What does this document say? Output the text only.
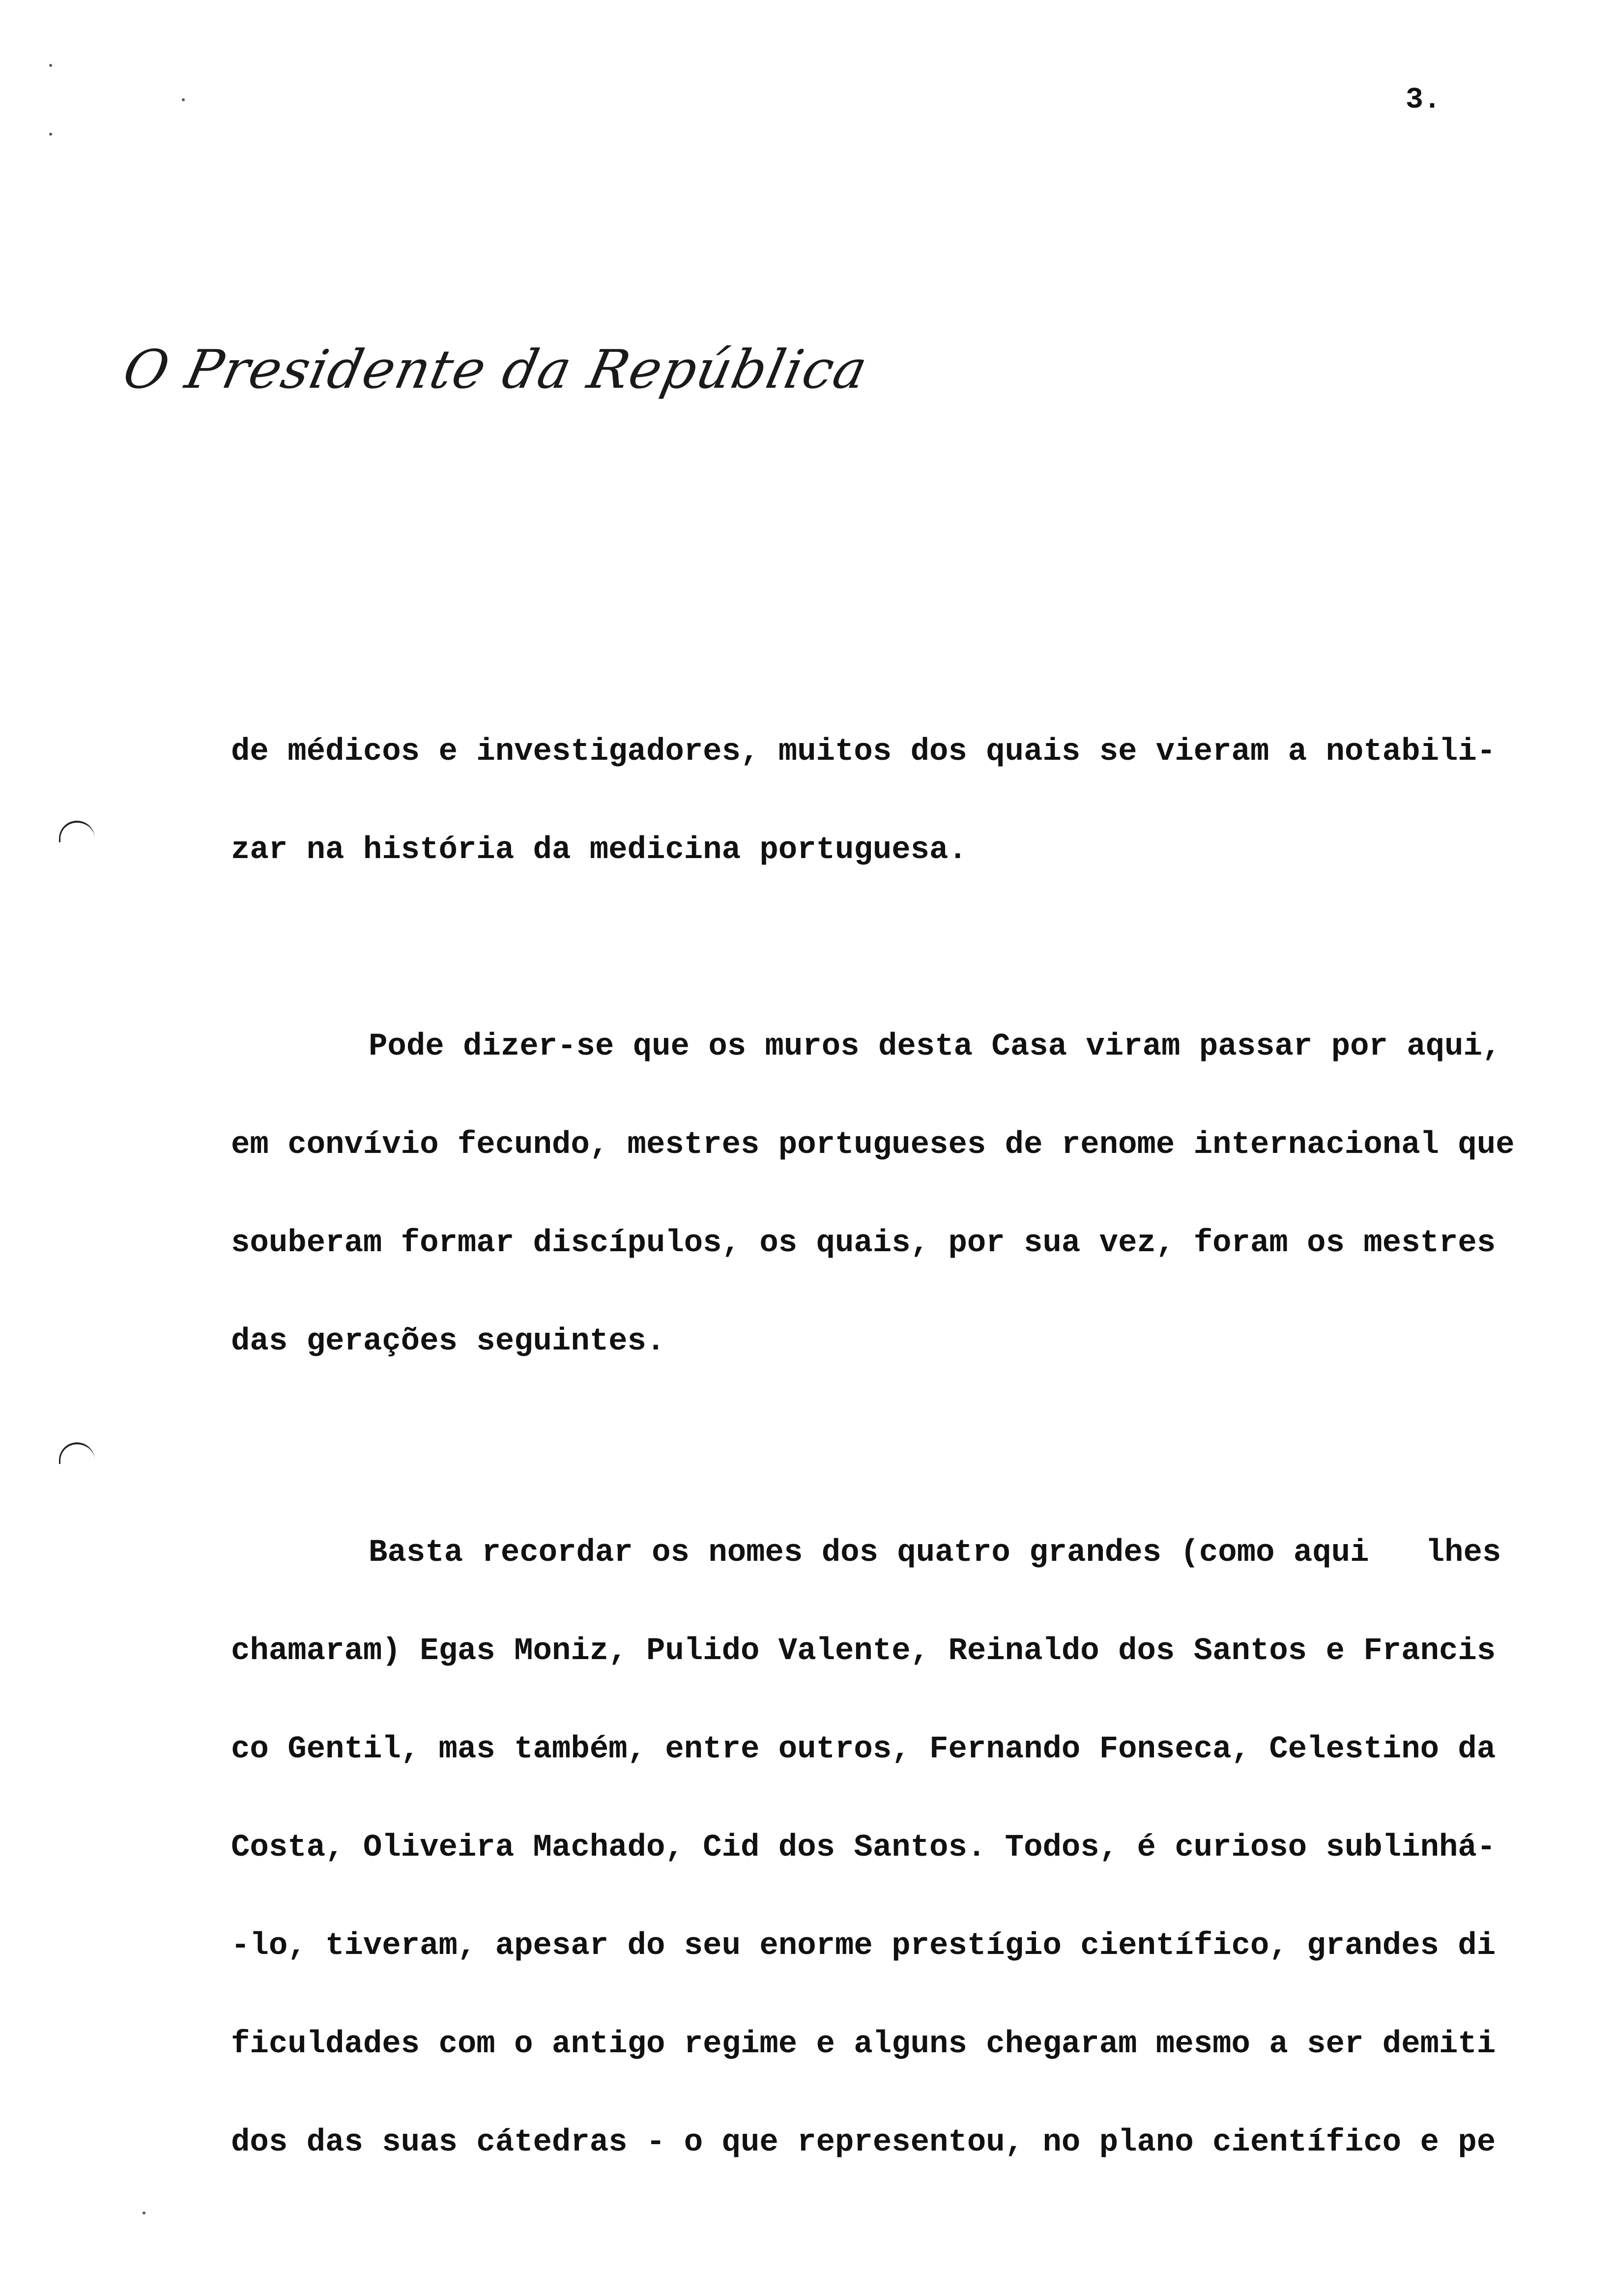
3.
O Presidente da República

de médicos e investigadores, muitos dos quais se vieram a notabili-

zar na história da medicina portuguesa.

Pode dizer-se que os muros desta Casa viram passar por aqui,

em convívio fecundo, mestres portugueses de renome internacional que

souberam formar discípulos, os quais, por sua vez, foram os mestres

das gerações seguintes.

Basta recordar os nomes dos quatro grandes (como aqui   lhes

chamaram) Egas Moniz, Pulido Valente, Reinaldo dos Santos e Francis

co Gentil, mas também, entre outros, Fernando Fonseca, Celestino da

Costa, Oliveira Machado, Cid dos Santos. Todos, é curioso sublinhá-

-lo, tiveram, apesar do seu enorme prestígio científico, grandes di

ficuldades com o antigo regime e alguns chegaram mesmo a ser demiti

dos das suas cátedras - o que representou, no plano científico e pe
